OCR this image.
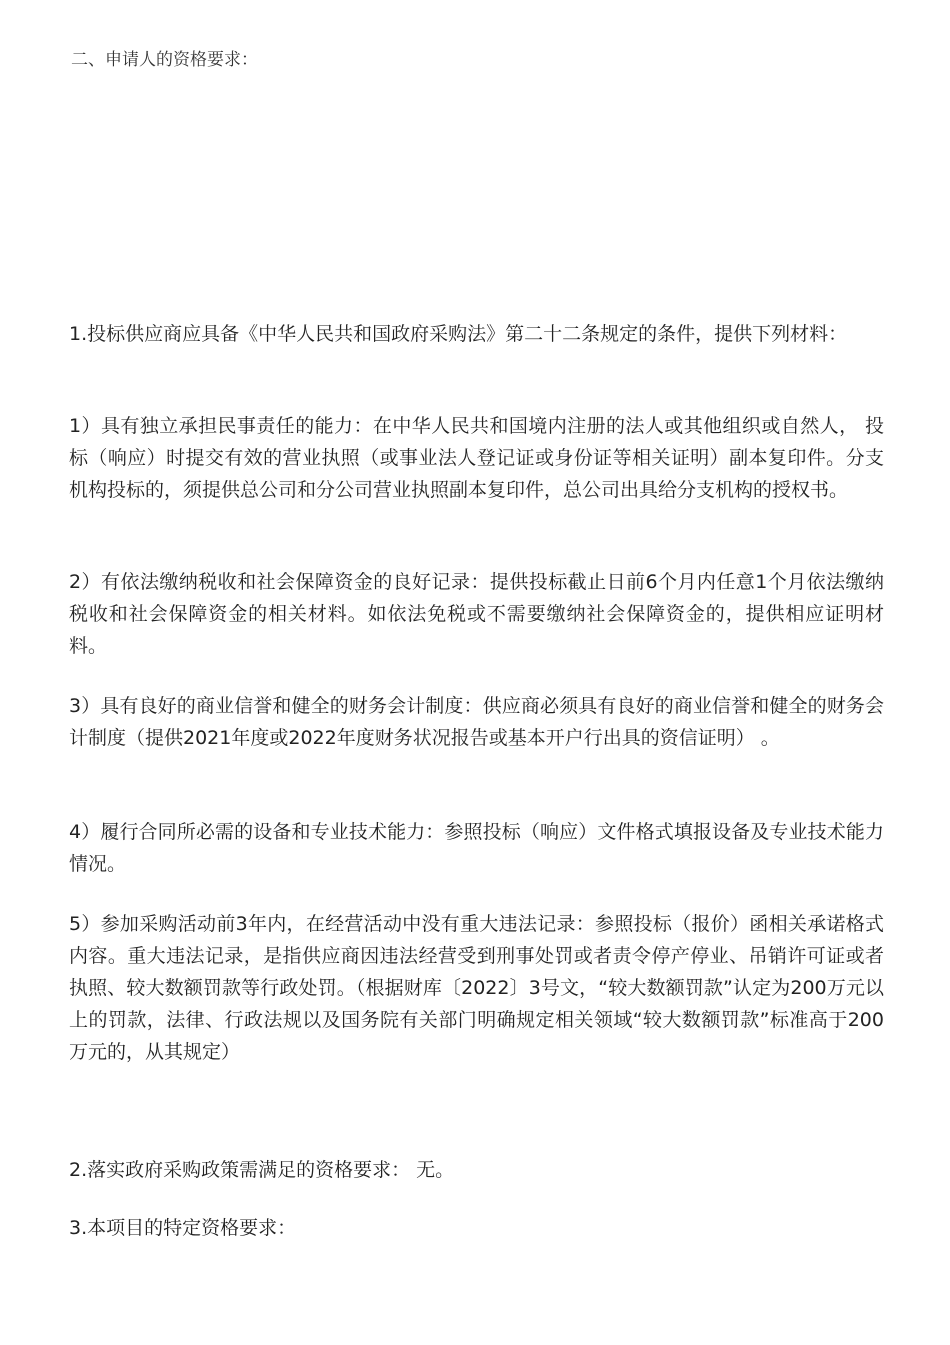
二、申请人的资格要求：

1.投标供应商应具备《中华人民共和国政府采购法》第二十二条规定的条件，提供下列材料：

1）具有独立承担民事责任的能力：在中华人民共和国境内注册的法人或其他组织或自然人， 投标（响应）时提交有效的营业执照（或事业法人登记证或身份证等相关证明）副本复印件。分支机构投标的，须提供总公司和分公司营业执照副本复印件，总公司出具给分支机构的授权书。

2）有依法缴纳税收和社会保障资金的良好记录：提供投标截止日前6个月内任意1个月依法缴纳税收和社会保障资金的相关材料。如依法免税或不需要缴纳社会保障资金的，提供相应证明材料。

3）具有良好的商业信誉和健全的财务会计制度：供应商必须具有良好的商业信誉和健全的财务会计制度（提供2021年度或2022年度财务状况报告或基本开户行出具的资信证明） 。

4）履行合同所必需的设备和专业技术能力：参照投标（响应）文件格式填报设备及专业技术能力情况。

5）参加采购活动前3年内，在经营活动中没有重大违法记录：参照投标（报价）函相关承诺格式内容。重大违法记录，是指供应商因违法经营受到刑事处罚或者责令停产停业、吊销许可证或者执照、较大数额罚款等行政处罚。（根据财库〔2022〕3号文，“较大数额罚款”认定为200万元以上的罚款，法律、行政法规以及国务院有关部门明确规定相关领域“较大数额罚款”标准高于200万元的，从其规定）

2.落实政府采购政策需满足的资格要求： 无。

3.本项目的特定资格要求：
